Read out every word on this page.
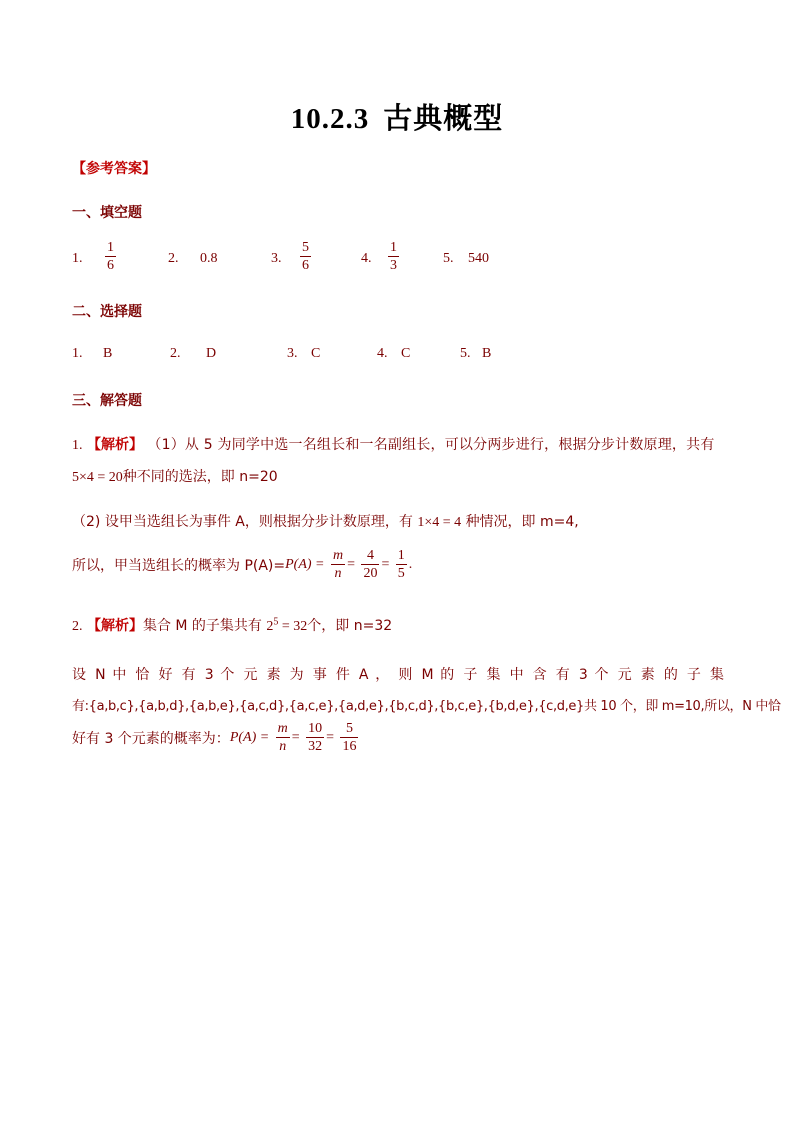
10.2.3 古典概型
【参考答案】
一、填空题
1. $\frac{1}{6}$	2. 0.8	3. $\frac{5}{6}$	4. $\frac{1}{3}$	5. 540
二、选择题
1. B	2. D	3. C	4. C	5. B
三、解答题
1. 【解析】 （1）从 5 为同学中选一名组长和一名副组长，可以分两步进行，根据分步计数原理，共有
5×4 = 20种不同的选法，即 n=20
（2) 设甲当选组长为事件 A，则根据分步计数原理，有 1×4 = 4 种情况，即 m=4,
所以，甲当选组长的概率为 $P(A)=P(A) = \frac{m}{n} = \frac{4}{20} = \frac{1}{5}$ .
2. 【解析】集合 M 的子集共有 $2^5 = 32$个，即 n=32
设 N 中 恰 好 有 3 个 元 素 为 事 件 A ， 则 M 的 子 集 中 含 有 3 个 元 素 的 子 集
有:{a,b,c},{a,b,d},{a,b,e},{a,c,d},{a,c,e},{a,d,e},{b,c,d},{b,c,e},{b,d,e},{c,d,e}共 10 个，即 m=10,所以，N 中恰
好有 3 个元素的概率为：$P(A) = \frac{m}{n} = \frac{10}{32} = \frac{5}{16}$
